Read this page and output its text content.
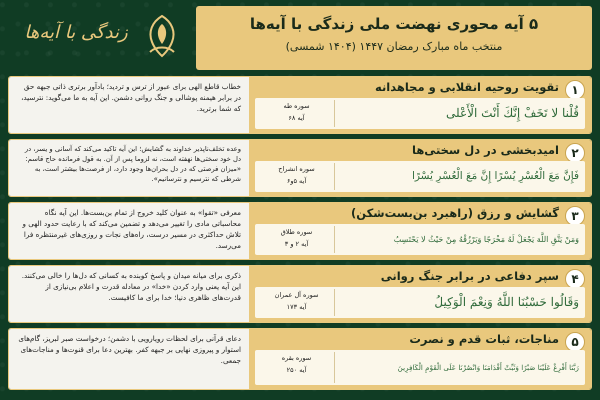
زندگی با آیه‌ها	۵ آیه محوری نهضت ملی زندگی با آیه‌ها
منتخب ماه مبارک رمضان ۱۴۴۷ (۱۴۰۴ شمسی)
خطاب قاطع الهی برای عبور از ترس و تردید؛ بادآور برتری ذاتی جبهه حق در برابر هیمنه پوشالی و جنگ روانی دشمن. این آیه به ما می‌گوید: نترسید، که شما برترید.
۱
تقویت روحیه انقلابی و مجاهدانه
قُلْنا لا تَخَفْ إِنَّكَ أَنْتَ الْأَعْلى
سوره طه
آیه ۶۸
وعده تخلف‌ناپذیر خداوند به گشایش؛ این آیه تاکید می‌کند که آسانی و یسر، در دل خود سختی‌ها نهفته است، نه لزوما پس از آن. به قول فرمانده حاج قاسم: «میزان فرصتی که در دل بحران‌ها وجود دارد، از فرصت‌ها بیشتر است، به شرطی که نترسیم و نترسانیم».
۲
امیدبخشی در دل سختی‌ها
فَإِنَّ مَعَ الْعُسْرِ يُسْرًا إِنَّ مَعَ الْعُسْرِ يُسْرًا
سوره انشراح
آیه ۵و۶
معرفی «تقوا» به عنوان کلید خروج از تمام بن‌بست‌ها. این آیه نگاه محاسباتی مادی را تغییر می‌دهد و تضمین می‌کند که با رعایت حدود الهی و تلاش حداکثری در مسیر درست، راه‌های نجات و روزی‌های غیرمنتظره فرا می‌رسد.
۳
گشایش و رزق (راهبرد بن‌بست‌شکن)
وَمَنْ يَتَّقِ اللَّهَ يَجْعَلْ لَهُ مَخْرَجًا وَيَرْزُقْهُ مِنْ حَيْثُ لا يَحْتَسِبُ
سوره طلاق
آیه ۲ و ۳
ذکری برای میانه میدان و پاسخ کوبنده به کسانی که دل‌ها را خالی می‌کنند. این آیه یعنی وارد کردن «خدا» در معادله قدرت و اعلام بی‌نیازی از قدرت‌های ظاهری دنیا؛ خدا برای ما کافیست.
۴
سپر دفاعی در برابر جنگ روانی
وَقَالُوا حَسْبُنَا اللَّهُ وَنِعْمَ الْوَكِيلُ
سوره آل عمران
آیه ۱۷۳
دعای قرآنی برای لحظات رویارویی با دشمن؛ درخواست صبر لبریز، گام‌های استوار و پیروزی نهایی بر جبهه کفر. بهترین دعا برای قنوت‌ها و مناجات‌های جمعی.
۵
مناجات، ثبات قدم و نصرت
رَبَّنَا أَفْرِغْ عَلَيْنَا صَبْرًا وَثَبِّتْ أَقْدَامَنَا وَانْصُرْنَا عَلَى الْقَوْمِ الْكَافِرِينَ
سوره بقره
آیه ۲۵۰
